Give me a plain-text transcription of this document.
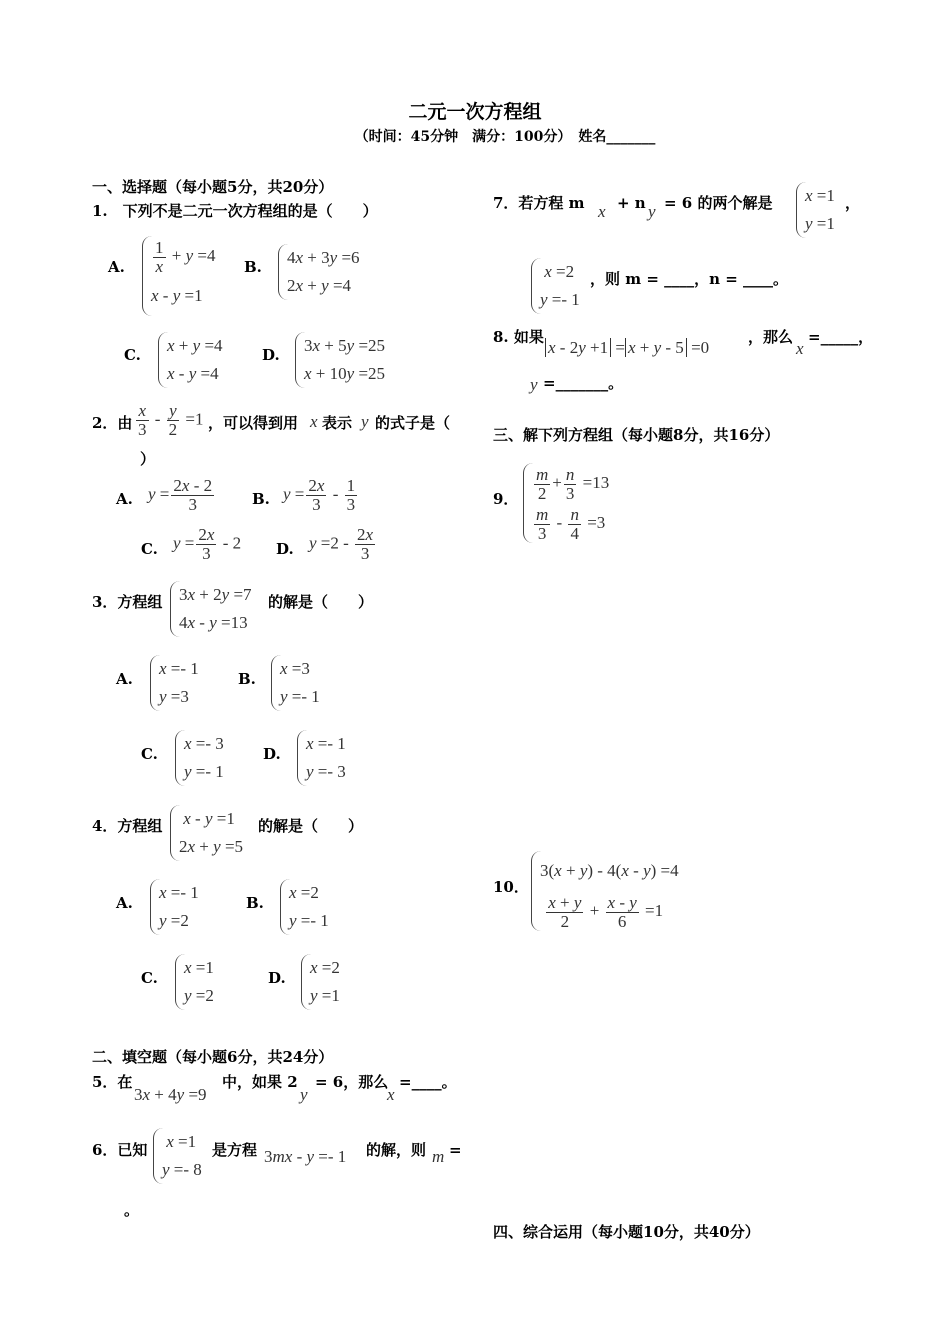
二元一次方程组
（时间：45分钟　满分：100分）　姓名_______
一、选择题（每小题5分，共20分）
1.　下列不是二元一次方程组的是（　　）
A. $\frac{1}{x} + y =4$
x - y =1
B. 4x + 3y =6
2x + y =4
C. x + y =4
x - y =4
D. 3x + 5y =25
x + 10y =25
2．由 $\frac{x}{3} - \frac{y}{2} =1$ ，可以得到用 x 表示 y 的式子是（
）
A. $y = \frac{2x - 2}{3}$	B. $y = \frac{2x}{3} - \frac{1}{3}$
C. $y = \frac{2x}{3} - 2$ D. $y =2 - \frac{2x}{3}$
3．方程组 3x + 2y =7
4x - y =13
的解是（　　）
A.
x =- 1
y =3
B.
x =3
y =- 1
C.
x =- 3
y =- 1
D.
x =- 1
y =- 3
4．方程组 x - y =1
2x + y =5
的解是（　　）
A.
x =- 1
y =2
B.
x =2
y =- 1
C.
x =1
y =2
D.
x =2
y =1
二、填空题（每小题6分，共24分）
5．在
3x + 4y =9
中，如果 2
y
= 6，那么
x
=____。
6．已知 x =1
y =- 8
是方程 3mx - y =- 1 的解，则 m =
。
7．若方程 m x + n y = 6 的两个解是 x =1
y =1
，
x =2
y =- 1
，则 m = ____，n = ____。
8. 如果
x - 2y +1 = x + y - 5 =0
，那么
x
=_____，
y =_______。
三、解下列方程组（每小题8分，共16分）
9． $\frac{m}{2} + \frac{n}{3} =13$
$\frac{m}{3} - \frac{n}{4} =3$
10．
3(x + y) - 4(x - y) =4

$\frac{x + y}{2} + \frac{x - y}{6} =1$
四、综合运用（每小题10分，共40分）
